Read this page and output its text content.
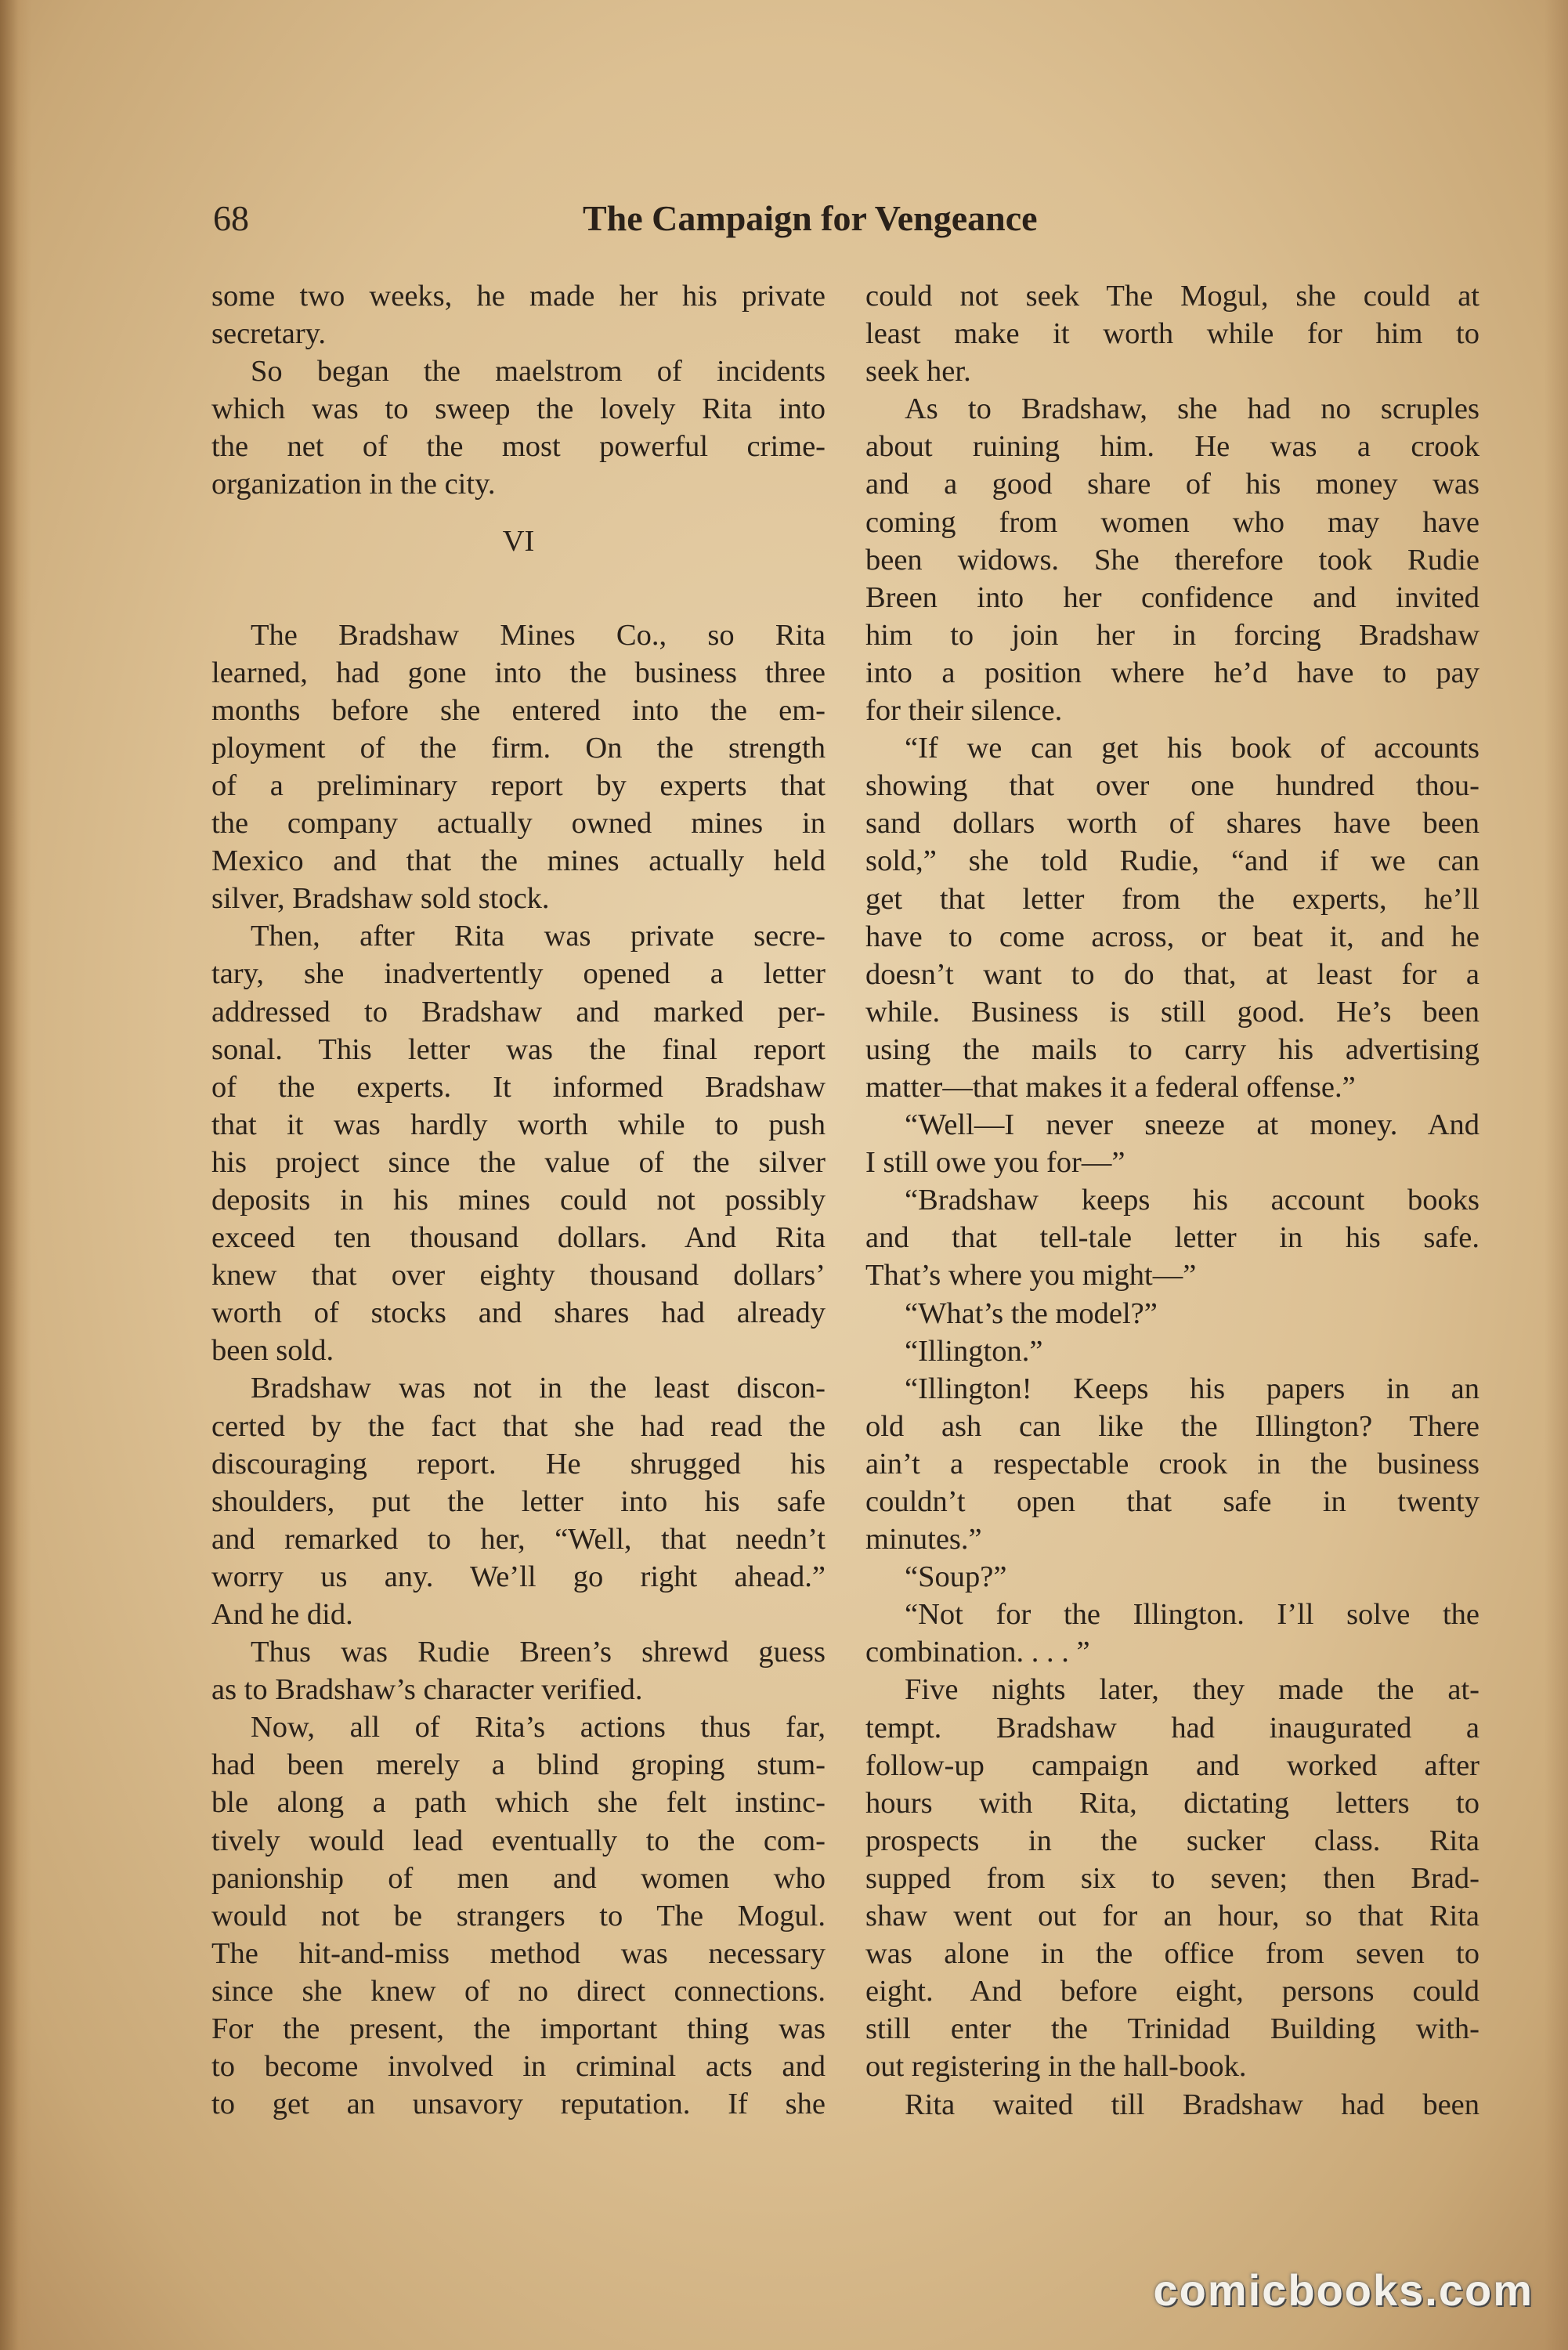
68	The Campaign for Vengeance
some two weeks, he made her his private
secretary.
So began the maelstrom of incidents
which was to sweep the lovely Rita into
the net of the most powerful crime-
organization in the city.
VI
The Bradshaw Mines Co., so Rita
learned, had gone into the business three
months before she entered into the em-
ployment of the firm. On the strength
of a preliminary report by experts that
the company actually owned mines in
Mexico and that the mines actually held
silver, Bradshaw sold stock.
Then, after Rita was private secre-
tary, she inadvertently opened a letter
addressed to Bradshaw and marked per-
sonal. This letter was the final report
of the experts. It informed Bradshaw
that it was hardly worth while to push
his project since the value of the silver
deposits in his mines could not possibly
exceed ten thousand dollars. And Rita
knew that over eighty thousand dollars’
worth of stocks and shares had already
been sold.
Bradshaw was not in the least discon-
certed by the fact that she had read the
discouraging report. He shrugged his
shoulders, put the letter into his safe
and remarked to her, “Well, that needn’t
worry us any. We’ll go right ahead.”
And he did.
Thus was Rudie Breen’s shrewd guess
as to Bradshaw’s character verified.
Now, all of Rita’s actions thus far,
had been merely a blind groping stum-
ble along a path which she felt instinc-
tively would lead eventually to the com-
panionship of men and women who
would not be strangers to The Mogul.
The hit-and-miss method was necessary
since she knew of no direct connections.
For the present, the important thing was
to become involved in criminal acts and
to get an unsavory reputation. If she
could not seek The Mogul, she could at
least make it worth while for him to
seek her.
As to Bradshaw, she had no scruples
about ruining him. He was a crook
and a good share of his money was
coming from women who may have
been widows. She therefore took Rudie
Breen into her confidence and invited
him to join her in forcing Bradshaw
into a position where he’d have to pay
for their silence.
“If we can get his book of accounts
showing that over one hundred thou-
sand dollars worth of shares have been
sold,” she told Rudie, “and if we can
get that letter from the experts, he’ll
have to come across, or beat it, and he
doesn’t want to do that, at least for a
while. Business is still good. He’s been
using the mails to carry his advertising
matter—that makes it a federal offense.”
“Well—I never sneeze at money. And
I still owe you for—”
“Bradshaw keeps his account books
and that tell-tale letter in his safe.
That’s where you might—”
“What’s the model?”
“Illington.”
“Illington! Keeps his papers in an
old ash can like the Illington? There
ain’t a respectable crook in the business
couldn’t open that safe in twenty
minutes.”
“Soup?”
“Not for the Illington. I’ll solve the
combination. . . . ”
Five nights later, they made the at-
tempt. Bradshaw had inaugurated a
follow-up campaign and worked after
hours with Rita, dictating letters to
prospects in the sucker class. Rita
supped from six to seven; then Brad-
shaw went out for an hour, so that Rita
was alone in the office from seven to
eight. And before eight, persons could
still enter the Trinidad Building with-
out registering in the hall-book.
Rita waited till Bradshaw had been
comicbooks.com
